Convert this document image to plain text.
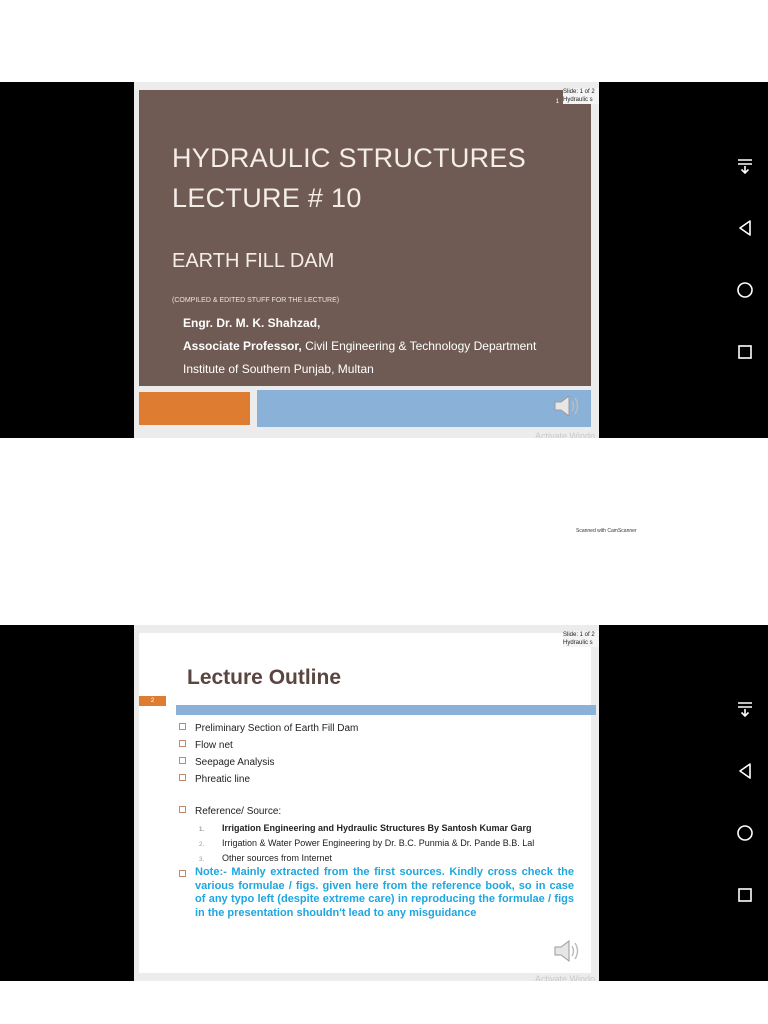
1
HYDRAULIC STRUCTURES
LECTURE # 10
EARTH FILL DAM
(COMPILED & EDITED STUFF FOR THE LECTURE)
Engr. Dr. M. K. Shahzad,
Associate Professor, Civil Engineering & Technology Department
Institute of Southern Punjab, Multan
Slide: 1 of 2
Hydraulic s
Activate Windo
Scanned with CamScanner
Lecture Outline
Preliminary Section of Earth Fill Dam
Flow net
Seepage Analysis
Phreatic line
Reference/ Source:
1. Irrigation Engineering and Hydraulic Structures By Santosh Kumar Garg
2. Irrigation & Water Power Engineering by Dr. B.C. Punmia & Dr. Pande B.B. Lal
3. Other sources from Internet
Note:- Mainly extracted from the first sources. Kindly cross check the various formulae / figs. given here from the reference book, so in case of any typo left (despite extreme care) in reproducing the formulae / figs in the presentation shouldn't lead to any misguidance
2
Slide: 1 of 2
Hydraulic s
Activate Windo
